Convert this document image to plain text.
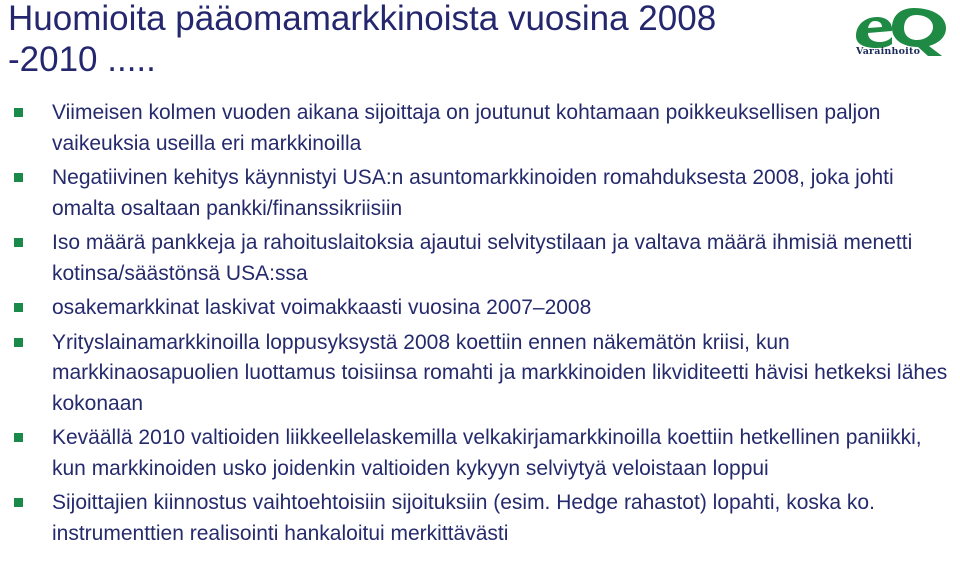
Huomioita pääomamarkkinoista vuosina 2008 -2010 .....	Varainhoito
Viimeisen kolmen vuoden aikana sijoittaja on joutunut kohtamaan poikkeuksellisen paljon vaikeuksia useilla eri markkinoilla
Negatiivinen kehitys käynnistyi USA:n asuntomarkkinoiden romahduksesta 2008, joka johti omalta osaltaan pankki/finanssikriisiin
Iso määrä pankkeja ja rahoituslaitoksia ajautui selvitystilaan ja valtava määrä ihmisiä menetti kotinsa/säästönsä USA:ssa
osakemarkkinat laskivat voimakkaasti vuosina 2007–2008
Yrityslainamarkkinoilla loppusyksystä 2008 koettiin ennen näkemätön kriisi, kun markkinaosapuolien luottamus toisiinsa romahti ja markkinoiden likviditeetti hävisi hetkeksi lähes kokonaan
Keväällä 2010 valtioiden liikkeellelaskemilla velkakirjamarkkinoilla koettiin hetkellinen paniikki, kun markkinoiden usko joidenkin valtioiden kykyyn selviytyä veloistaan loppui
Sijoittajien kiinnostus vaihtoehtoisiin sijoituksiin (esim. Hedge rahastot) lopahti, koska ko. instrumenttien realisointi hankaloitui merkittävästi
